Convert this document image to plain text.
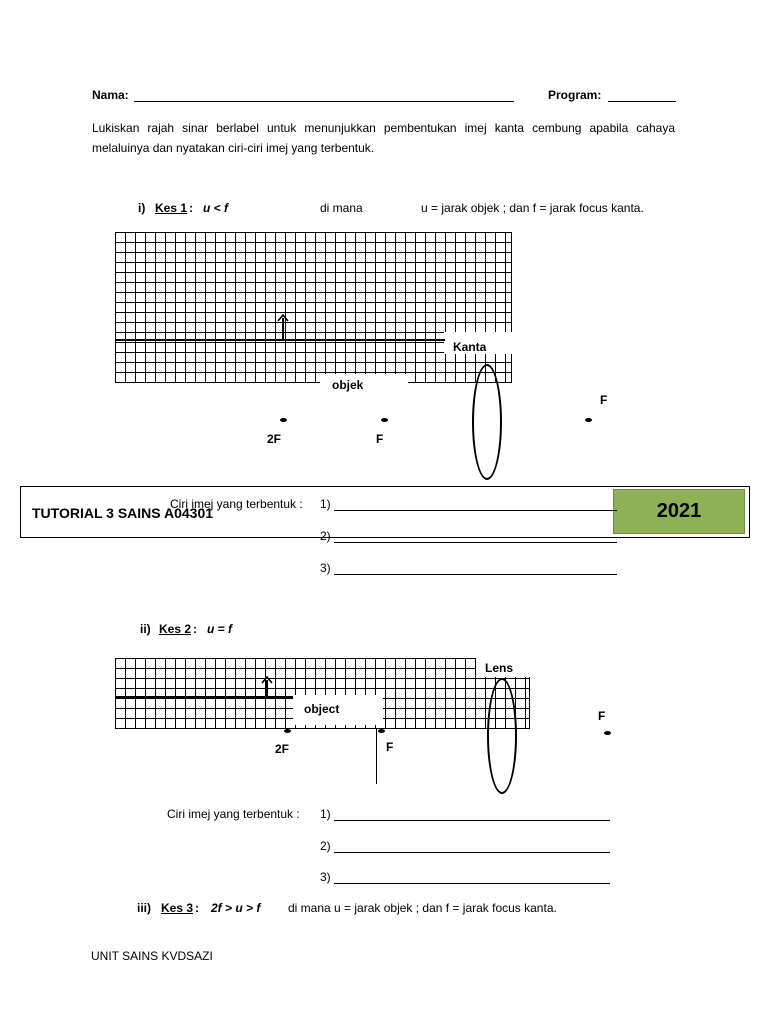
Nama:	Program:
Lukiskan rajah sinar berlabel untuk menunjukkan pembentukan imej kanta cembung apabila cahaya melaluinya dan nyatakan ciri-ciri imej yang terbentuk.
i) Kes 1 : u < f	di mana	u = jarak objek ; dan f = jarak focus kanta.
Kanta
objek
2F	F
F
TUTORIAL 3 SAINS A04301	2021
Ciri imej yang terbentuk : 1)
2)
3)
ii) Kes 2 : u = f
Lens
object
2F	F
F
Ciri imej yang terbentuk : 1)
2)
3)
iii) Kes 3 : 2f > u > f di mana u = jarak objek ; dan f = jarak focus kanta.
UNIT SAINS KVDSAZI
